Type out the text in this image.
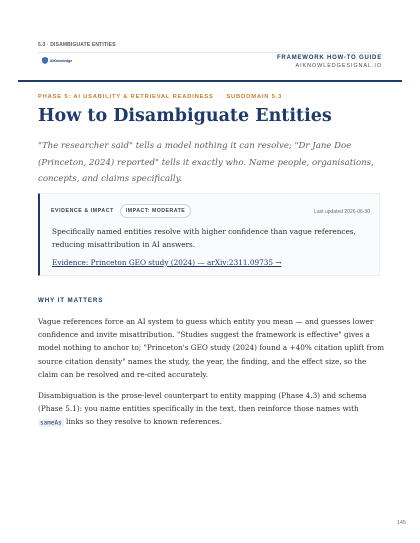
5.3 · DISAMBIGUATE ENTITIES
AIKnowledge	FRAMEWORK HOW-TO GUIDE
AIKNOWLEDGESIGNAL.IO
PHASE 5: AI USABILITY & RETRIEVAL READINESS · SUBDOMAIN 5.3
How to Disambiguate Entities

"The researcher said" tells a model nothing it can resolve; "Dr Jane Doe (Princeton, 2024) reported" tells it exactly who. Name people, organisations, concepts, and claims specifically.

EVIDENCE & IMPACT	IMPACT: MODERATE	Last updated 2026-06-30

Specifically named entities resolve with higher confidence than vague references, reducing misattribution in AI answers.

Evidence: Princeton GEO study (2024) — arXiv:2311.09735 →
WHY IT MATTERS

Vague references force an AI system to guess which entity you mean — and guesses lower confidence and invite misattribution. "Studies suggest the framework is effective" gives a model nothing to anchor to; "Princeton's GEO study (2024) found a +40% citation uplift from source citation density" names the study, the year, the finding, and the effect size, so the claim can be resolved and re-cited accurately.

Disambiguation is the prose-level counterpart to entity mapping (Phase 4.3) and schema (Phase 5.1): you name entities specifically in the text, then reinforce those names with sameAs links so they resolve to known references.

145
